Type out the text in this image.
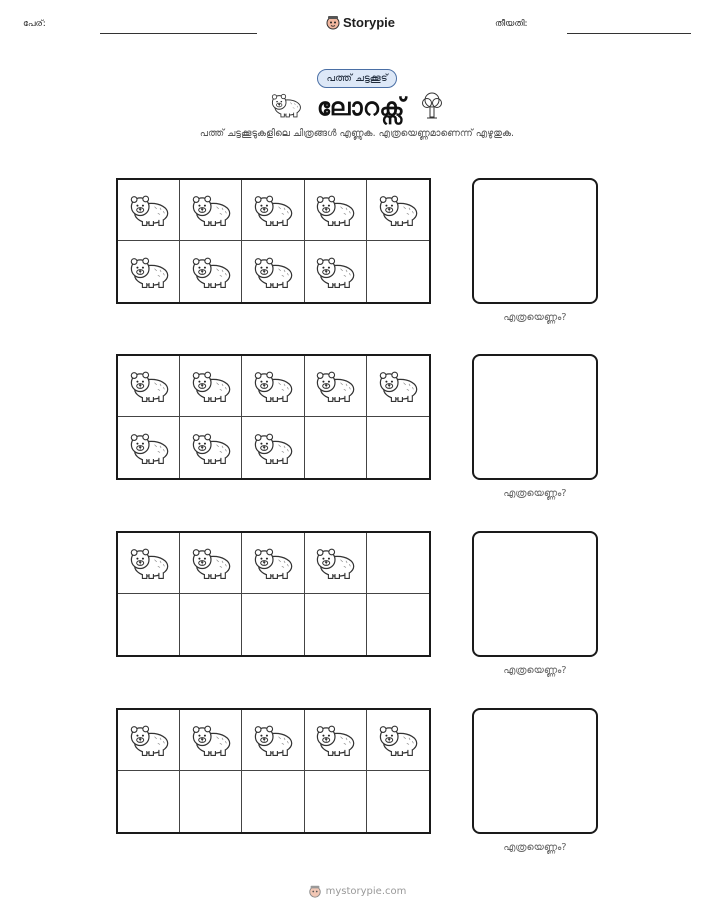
പേര്:	Storypie	തീയതി:
പത്ത് ചട്ടക്കൂട്
ലോറക്സ്
പത്ത് ചട്ടക്കൂടുകളിലെ ചിത്രങ്ങൾ എണ്ണുക. എത്രയെണ്ണമാണെന്ന് എഴുതുക.
എത്രയെണ്ണം?
എത്രയെണ്ണം?
എത്രയെണ്ണം?
എത്രയെണ്ണം?
mystorypie.com
